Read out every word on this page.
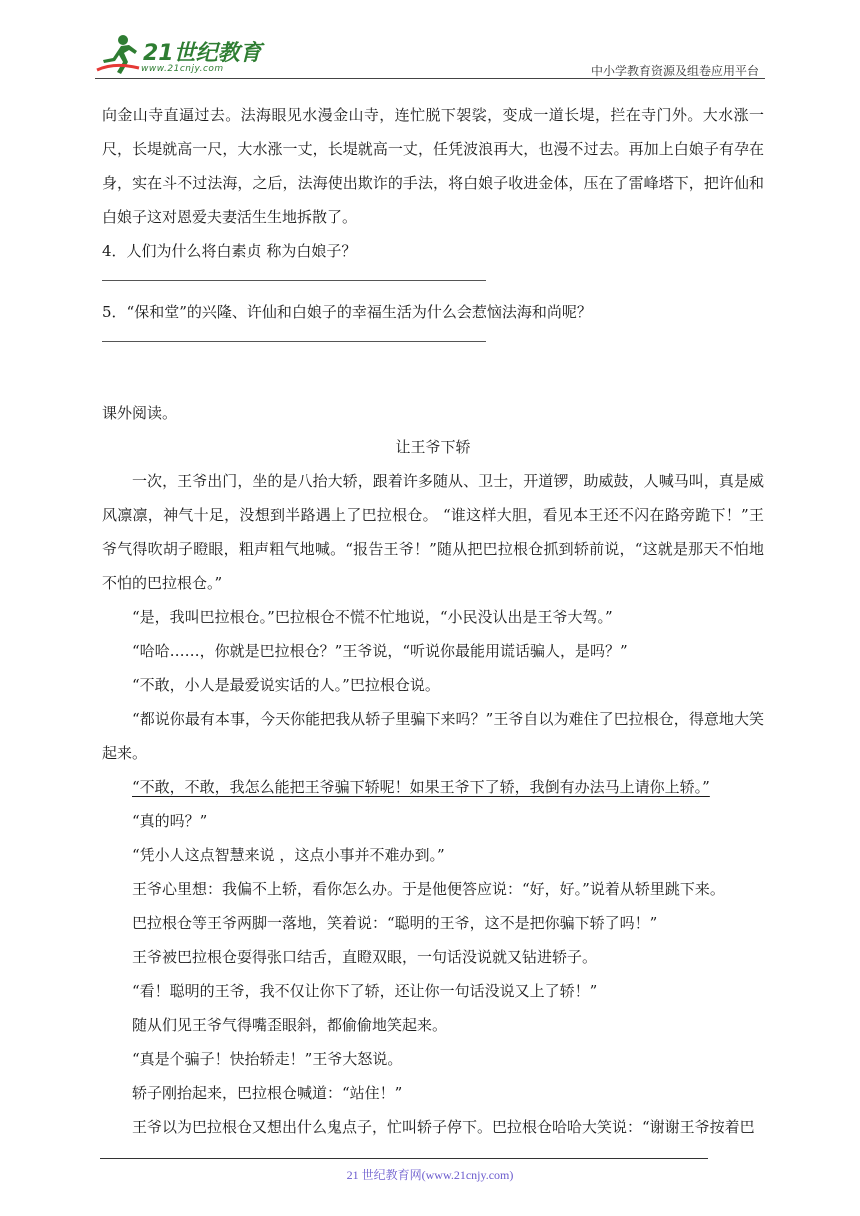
21世纪教育
www.21cnjy.com	中小学教育资源及组卷应用平台

向金山寺直逼过去。法海眼见水漫金山寺，连忙脱下袈裟，变成一道长堤，拦在寺门外。大水涨一尺，长堤就高一尺，大水涨一丈，长堤就高一丈，任凭波浪再大，也漫不过去。再加上白娘子有孕在身，实在斗不过法海，之后，法海使出欺诈的手法，将白娘子收进金体，压在了雷峰塔下，把许仙和白娘子这对恩爱夫妻活生生地拆散了。

4．人们为什么将白素贞 称为白娘子？

5．“保和堂”的兴隆、许仙和白娘子的幸福生活为什么会惹恼法海和尚呢？

课外阅读。

让王爷下轿

一次，王爷出门，坐的是八抬大轿，跟着许多随从、卫士，开道锣，助威鼓，人喊马叫，真是威风凛凛，神气十足，没想到半路遇上了巴拉根仓。 “谁这样大胆，看见本王还不闪在路旁跪下！”王爷气得吹胡子瞪眼，粗声粗气地喊。“报告王爷！”随从把巴拉根仓抓到轿前说，“这就是那天不怕地不怕的巴拉根仓。”

“是，我叫巴拉根仓。”巴拉根仓不慌不忙地说，“小民没认出是王爷大驾。”

“哈哈……，你就是巴拉根仓？”王爷说，“听说你最能用谎话骗人，是吗？”

“不敢，小人是最爱说实话的人。”巴拉根仓说。

“都说你最有本事，今天你能把我从轿子里骗下来吗？”王爷自以为难住了巴拉根仓，得意地大笑起来。

“不敢，不敢，我怎么能把王爷骗下轿呢！如果王爷下了轿，我倒有办法马上请你上轿。”

“真的吗？”

“凭小人这点智慧来说 ，这点小事并不难办到。”

王爷心里想：我偏不上轿，看你怎么办。于是他便答应说：“好，好。”说着从轿里跳下来。

巴拉根仓等王爷两脚一落地，笑着说：“聪明的王爷，这不是把你骗下轿了吗！”

王爷被巴拉根仓耍得张口结舌，直瞪双眼，一句话没说就又钻进轿子。

“看！聪明的王爷，我不仅让你下了轿，还让你一句话没说又上了轿！”

随从们见王爷气得嘴歪眼斜，都偷偷地笑起来。

“真是个骗子！快抬轿走！”王爷大怒说。

轿子刚抬起来，巴拉根仓喊道：“站住！”

王爷以为巴拉根仓又想出什么鬼点子，忙叫轿子停下。巴拉根仓哈哈大笑说：“谢谢王爷按着巴

21 世纪教育网(www.21cnjy.com)
